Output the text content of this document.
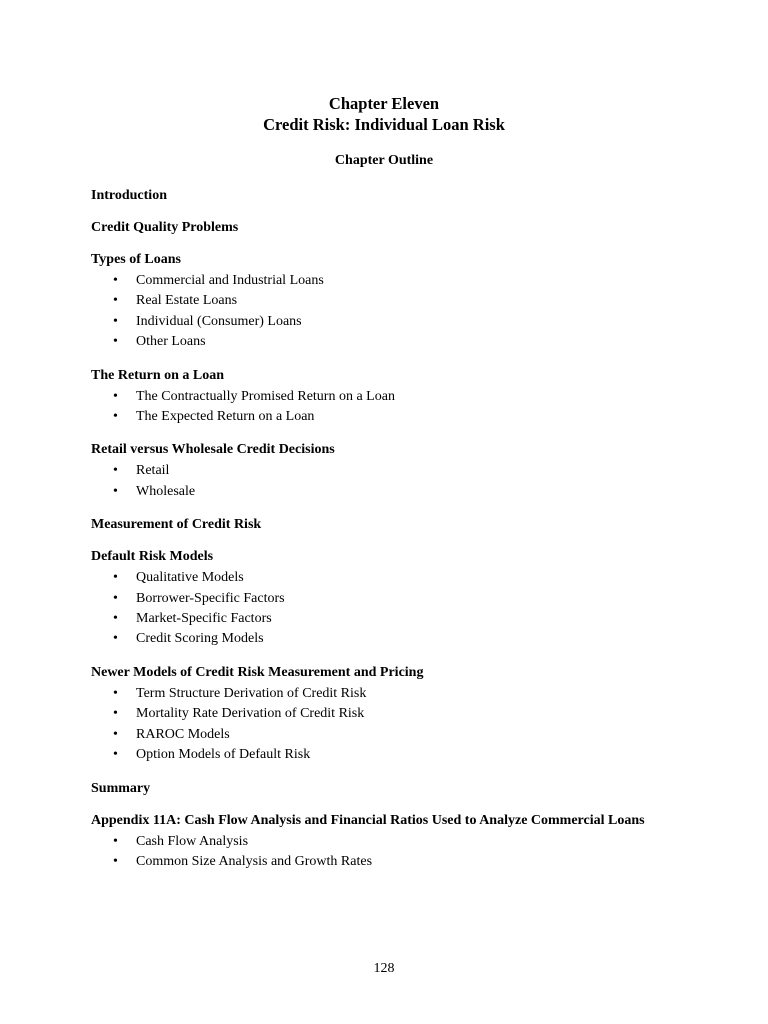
Chapter Eleven
Credit Risk: Individual Loan Risk
Chapter Outline

Introduction

Credit Quality Problems

Types of Loans

• Commercial and Industrial Loans
• Real Estate Loans
• Individual (Consumer) Loans
• Other Loans

The Return on a Loan

• The Contractually Promised Return on a Loan
• The Expected Return on a Loan

Retail versus Wholesale Credit Decisions

• Retail
• Wholesale

Measurement of Credit Risk

Default Risk Models

• Qualitative Models
• Borrower-Specific Factors
• Market-Specific Factors
• Credit Scoring Models

Newer Models of Credit Risk Measurement and Pricing

• Term Structure Derivation of Credit Risk
• Mortality Rate Derivation of Credit Risk
• RAROC Models
• Option Models of Default Risk

Summary

Appendix 11A: Cash Flow Analysis and Financial Ratios Used to Analyze Commercial Loans

• Cash Flow Analysis
• Common Size Analysis and Growth Rates
128
